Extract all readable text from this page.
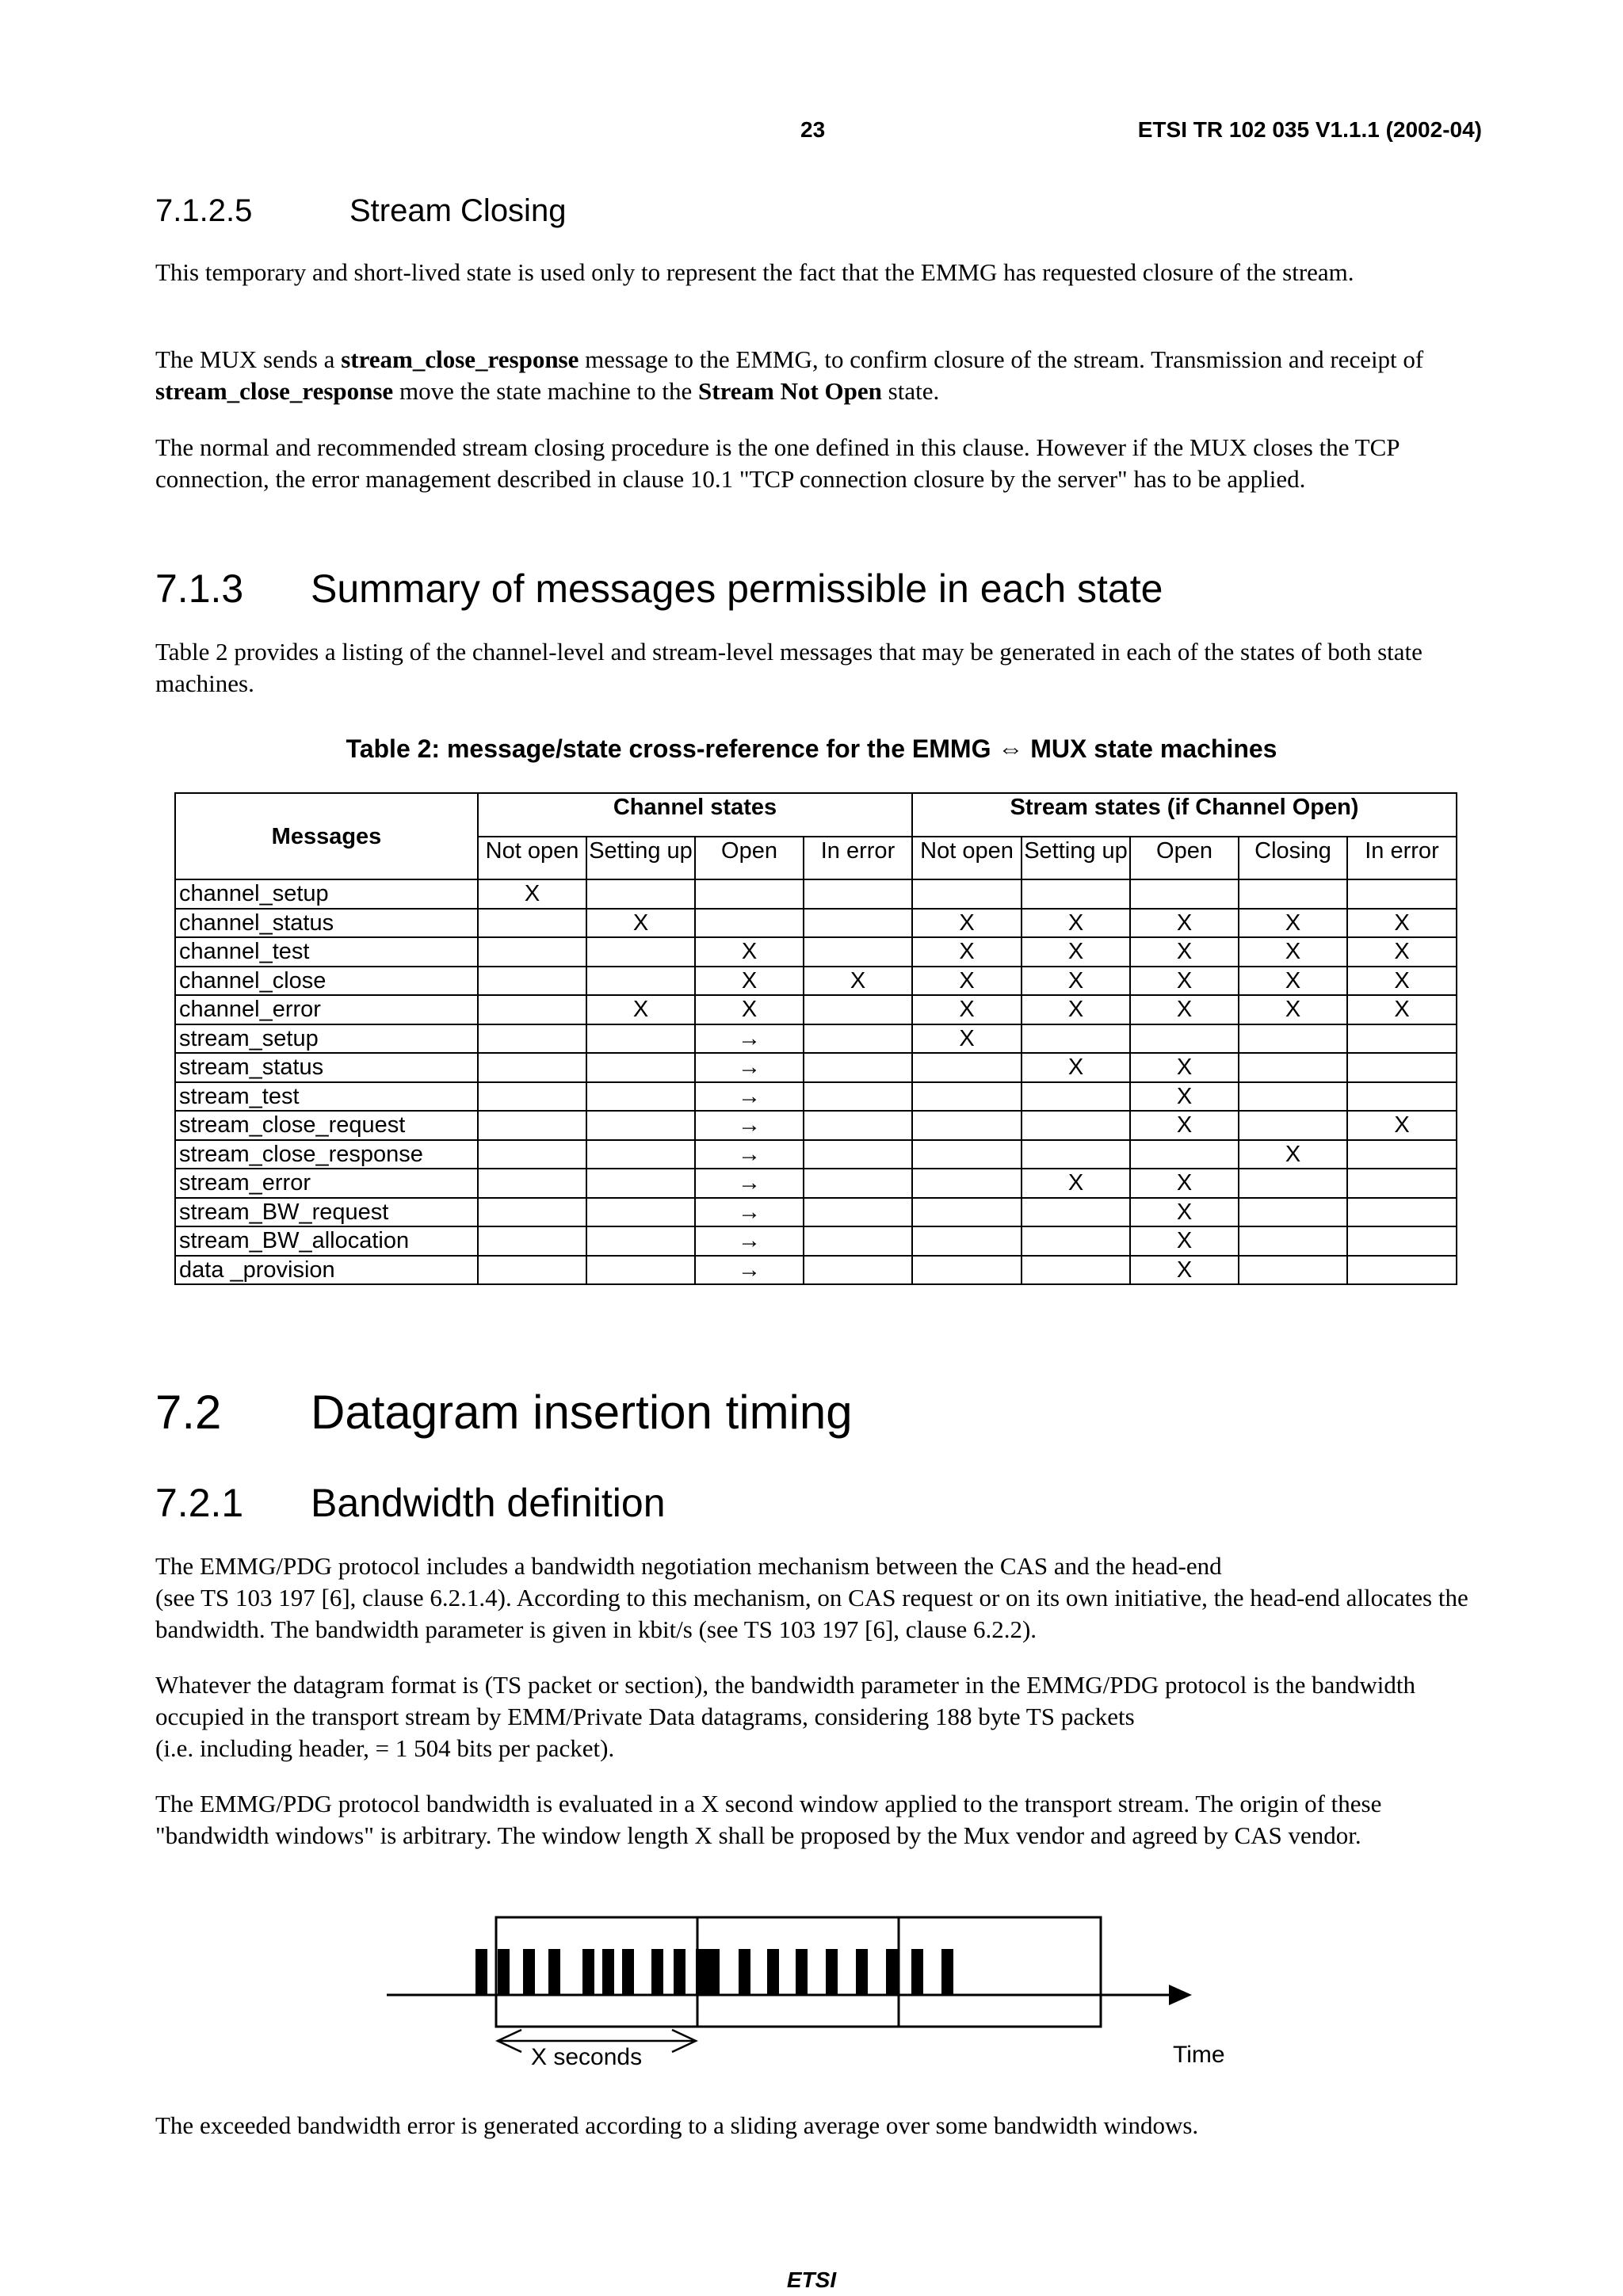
23	ETSI TR 102 035 V1.1.1 (2002-04)
7.1.2.5	Stream Closing
This temporary and short-lived state is used only to represent the fact that the EMMG has requested closure of the stream.
The MUX sends a stream_close_response message to the EMMG, to confirm closure of the stream. Transmission and receipt of stream_close_response move the state machine to the Stream Not Open state.
The normal and recommended stream closing procedure is the one defined in this clause. However if the MUX closes the TCP connection, the error management described in clause 10.1 "TCP connection closure by the server" has to be applied.
7.1.3 Summary of messages permissible in each state
Table 2 provides a listing of the channel-level and stream-level messages that may be generated in each of the states of both state machines.
Table 2: message/state cross-reference for the EMMG ⇔ MUX state machines
Messages	Channel states				Stream states (if Channel Open)				
	Not open	Setting up	Open	In error	Not open	Setting up	Open	Closing	In error
channel_setup	X								
channel_status		X			X	X	X	X	X
channel_test			X		X	X	X	X	X
channel_close			X	X	X	X	X	X	X
channel_error		X	X		X	X	X	X	X
stream_setup			→		X				
stream_status			→			X	X		
stream_test			→				X		
stream_close_request			→				X		X
stream_close_response			→					X	
stream_error			→			X	X		
stream_BW_request			→				X		
stream_BW_allocation			→				X		
data _provision			→				X		
7.2 Datagram insertion timing
7.2.1 Bandwidth definition
The EMMG/PDG protocol includes a bandwidth negotiation mechanism between the CAS and the head-end
(see TS 103 197 [6], clause 6.2.1.4). According to this mechanism, on CAS request or on its own initiative, the head-end allocates the bandwidth. The bandwidth parameter is given in kbit/s (see TS 103 197 [6], clause 6.2.2).
Whatever the datagram format is (TS packet or section), the bandwidth parameter in the EMMG/PDG protocol is the bandwidth occupied in the transport stream by EMM/Private Data datagrams, considering 188 byte TS packets
(i.e. including header, = 1 504 bits per packet).
The EMMG/PDG protocol bandwidth is evaluated in a X second window applied to the transport stream. The origin of these "bandwidth windows" is arbitrary. The window length X shall be proposed by the Mux vendor and agreed by CAS vendor.
X seconds	Time
The exceeded bandwidth error is generated according to a sliding average over some bandwidth windows.
ETSI
